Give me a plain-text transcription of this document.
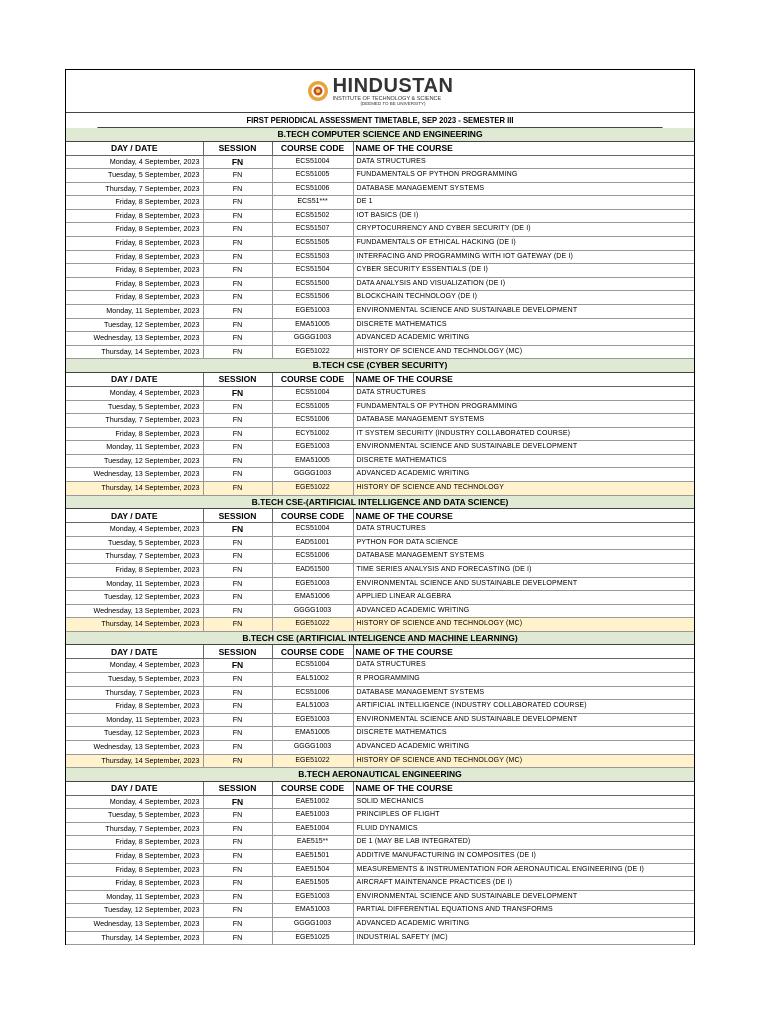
HINDUSTAN
INSTITUTE OF TECHNOLOGY & SCIENCE
(DEEMED TO BE UNIVERSITY)
FIRST PERIODICAL ASSESSMENT TIMETABLE, SEP 2023 - SEMESTER III
B.TECH COMPUTER SCIENCE AND ENGINEERING
DAY / DATE	SESSION	COURSE CODE	NAME OF THE COURSE
Monday, 4 September, 2023	FN	ECS51004	DATA STRUCTURES
Tuesday, 5 September, 2023	FN	ECS51005	FUNDAMENTALS OF PYTHON PROGRAMMING
Thursday, 7 September, 2023	FN	ECS51006	DATABASE MANAGEMENT SYSTEMS
Friday, 8 September, 2023	FN	ECS51***	DE 1
Friday, 8 September, 2023	FN	ECS51502	IOT BASICS (DE I)
Friday, 8 September, 2023	FN	ECS51507	CRYPTOCURRENCY AND CYBER SECURITY (DE I)
Friday, 8 September, 2023	FN	ECS51505	FUNDAMENTALS OF ETHICAL HACKING (DE I)
Friday, 8 September, 2023	FN	ECS51503	INTERFACING AND PROGRAMMING WITH IOT GATEWAY (DE I)
Friday, 8 September, 2023	FN	ECS51504	CYBER SECURITY ESSENTIALS (DE I)
Friday, 8 September, 2023	FN	ECS51500	DATA ANALYSIS AND VISUALIZATION (DE I)
Friday, 8 September, 2023	FN	ECS51506	BLOCKCHAIN TECHNOLOGY (DE I)
Monday, 11 September, 2023	FN	EGE51003	ENVIRONMENTAL SCIENCE AND SUSTAINABLE DEVELOPMENT
Tuesday, 12 September, 2023	FN	EMA51005	DISCRETE MATHEMATICS
Wednesday, 13 September, 2023	FN	GGGG1003	ADVANCED ACADEMIC WRITING
Thursday, 14 September, 2023	FN	EGE51022	HISTORY OF SCIENCE AND TECHNOLOGY (MC)
B.TECH CSE (CYBER SECURITY)
DAY / DATE	SESSION	COURSE CODE	NAME OF THE COURSE
Monday, 4 September, 2023	FN	ECS51004	DATA STRUCTURES
Tuesday, 5 September, 2023	FN	ECS51005	FUNDAMENTALS OF PYTHON PROGRAMMING
Thursday, 7 September, 2023	FN	ECS51006	DATABASE MANAGEMENT SYSTEMS
Friday, 8 September, 2023	FN	ECY51002	IT SYSTEM SECURITY (INDUSTRY COLLABORATED COURSE)
Monday, 11 September, 2023	FN	EGE51003	ENVIRONMENTAL SCIENCE AND SUSTAINABLE DEVELOPMENT
Tuesday, 12 September, 2023	FN	EMA51005	DISCRETE MATHEMATICS
Wednesday, 13 September, 2023	FN	GGGG1003	ADVANCED ACADEMIC WRITING
Thursday, 14 September, 2023	FN	EGE51022	HISTORY OF SCIENCE AND TECHNOLOGY
B.TECH CSE-(ARTIFICIAL INTELLIGENCE AND DATA SCIENCE)
DAY / DATE	SESSION	COURSE CODE	NAME OF THE COURSE
Monday, 4 September, 2023	FN	ECS51004	DATA STRUCTURES
Tuesday, 5 September, 2023	FN	EAD51001	PYTHON FOR DATA SCIENCE
Thursday, 7 September, 2023	FN	ECS51006	DATABASE MANAGEMENT SYSTEMS
Friday, 8 September, 2023	FN	EAD51500	TIME SERIES ANALYSIS AND FORECASTING (DE I)
Monday, 11 September, 2023	FN	EGE51003	ENVIRONMENTAL SCIENCE AND SUSTAINABLE DEVELOPMENT
Tuesday, 12 September, 2023	FN	EMA51006	APPLIED LINEAR ALGEBRA
Wednesday, 13 September, 2023	FN	GGGG1003	ADVANCED ACADEMIC WRITING
Thursday, 14 September, 2023	FN	EGE51022	HISTORY OF SCIENCE AND TECHNOLOGY (MC)
B.TECH CSE (ARTIFICIAL INTELIGENCE AND MACHINE LEARNING)
DAY / DATE	SESSION	COURSE CODE	NAME OF THE COURSE
Monday, 4 September, 2023	FN	ECS51004	DATA STRUCTURES
Tuesday, 5 September, 2023	FN	EAL51002	R PROGRAMMING
Thursday, 7 September, 2023	FN	ECS51006	DATABASE MANAGEMENT SYSTEMS
Friday, 8 September, 2023	FN	EAL51003	ARTIFICIAL INTELLIGENCE (INDUSTRY COLLABORATED COURSE)
Monday, 11 September, 2023	FN	EGE51003	ENVIRONMENTAL SCIENCE AND SUSTAINABLE DEVELOPMENT
Tuesday, 12 September, 2023	FN	EMA51005	DISCRETE MATHEMATICS
Wednesday, 13 September, 2023	FN	GGGG1003	ADVANCED ACADEMIC WRITING
Thursday, 14 September, 2023	FN	EGE51022	HISTORY OF SCIENCE AND TECHNOLOGY (MC)
B.TECH AERONAUTICAL ENGINEERING
DAY / DATE	SESSION	COURSE CODE	NAME OF THE COURSE
Monday, 4 September, 2023	FN	EAE51002	SOLID MECHANICS
Tuesday, 5 September, 2023	FN	EAE51003	PRINCIPLES OF FLIGHT
Thursday, 7 September, 2023	FN	EAE51004	FLUID DYNAMICS
Friday, 8 September, 2023	FN	EAE515**	DE 1 (MAY BE LAB INTEGRATED)
Friday, 8 September, 2023	FN	EAE51501	ADDITIVE MANUFACTURING IN COMPOSITES (DE I)
Friday, 8 September, 2023	FN	EAE51504	MEASUREMENTS & INSTRUMENTATION FOR AERONAUTICAL ENGINEERING (DE I)
Friday, 8 September, 2023	FN	EAE51505	AIRCRAFT MAINTENANCE PRACTICES (DE I)
Monday, 11 September, 2023	FN	EGE51003	ENVIRONMENTAL SCIENCE AND SUSTAINABLE DEVELOPMENT
Tuesday, 12 September, 2023	FN	EMA51003	PARTIAL DIFFERENTIAL EQUATIONS AND TRANSFORMS
Wednesday, 13 September, 2023	FN	GGGG1003	ADVANCED ACADEMIC WRITING
Thursday, 14 September, 2023	FN	EGE51025	INDUSTRIAL SAFETY (MC)
